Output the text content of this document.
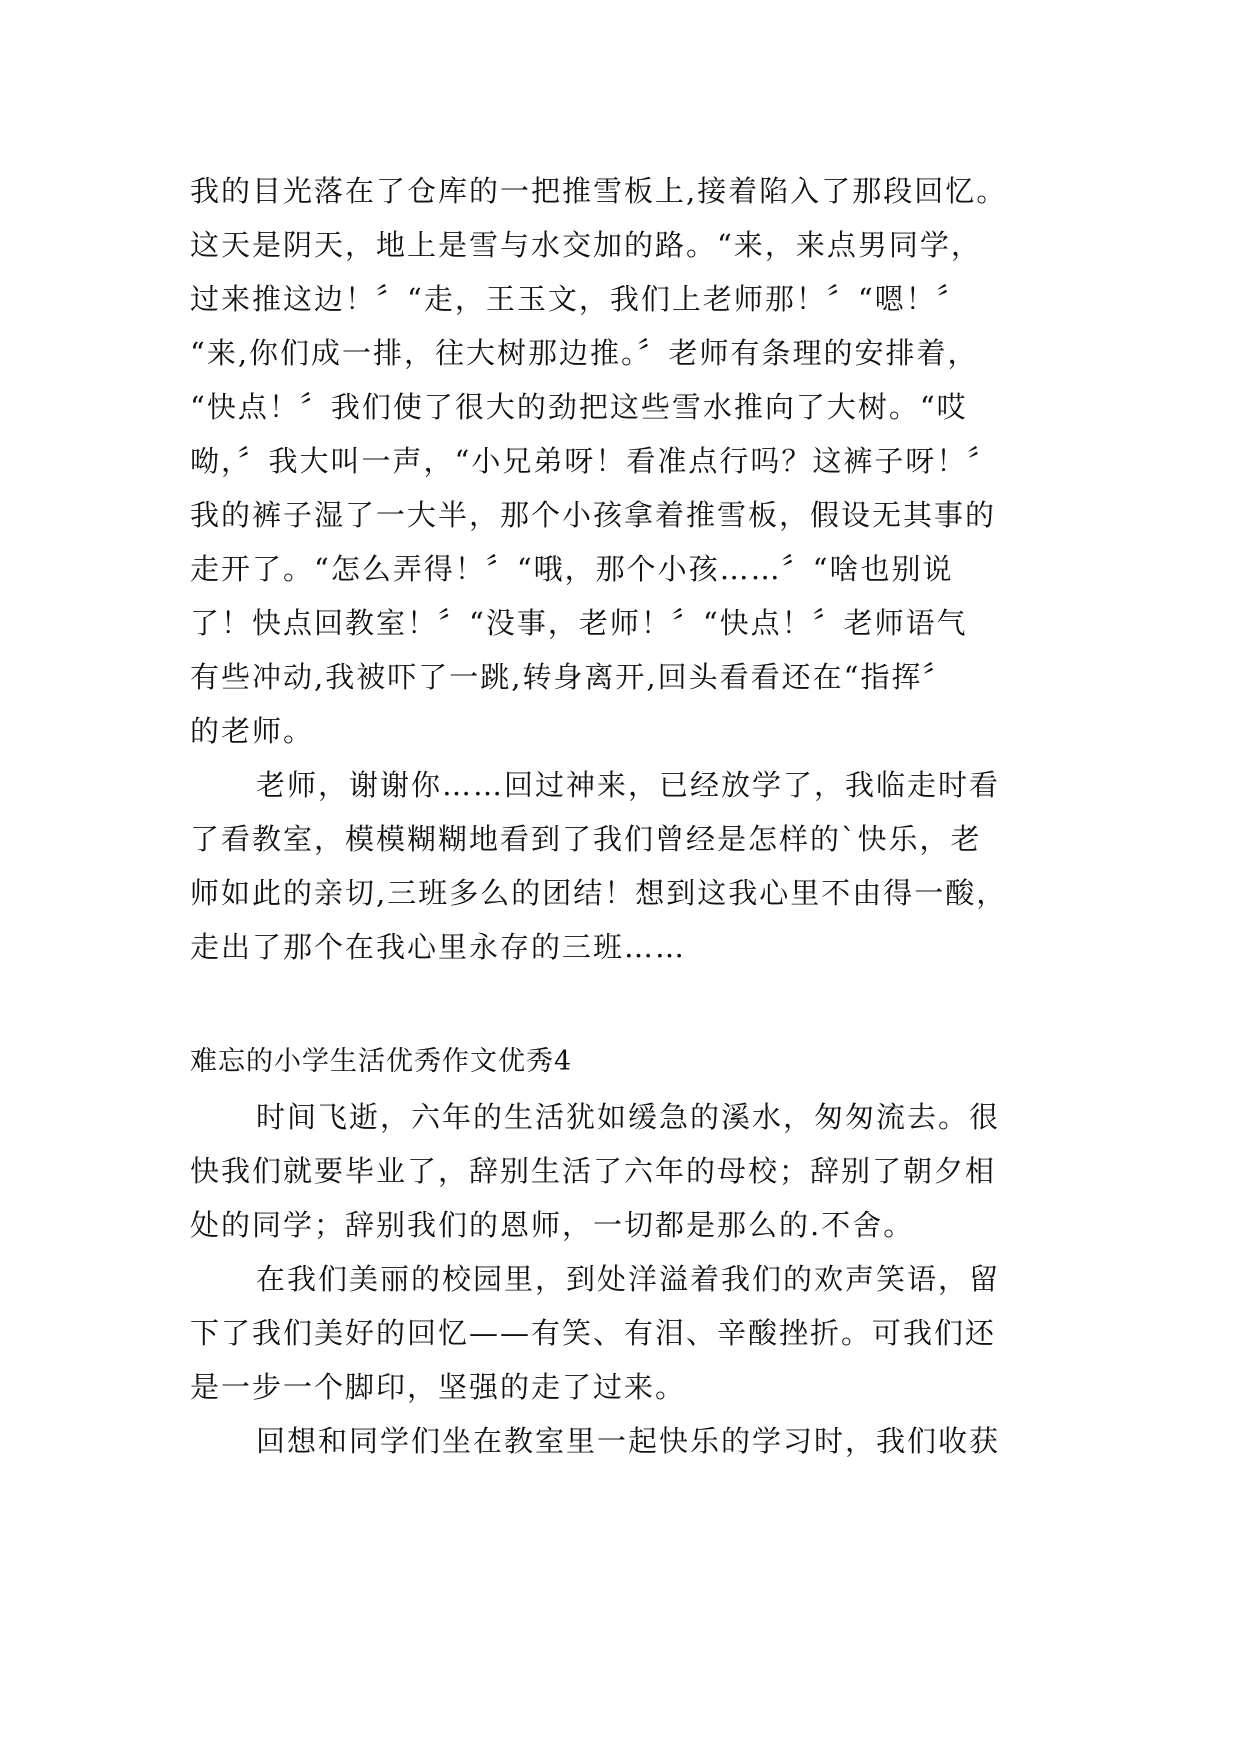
我的目光落在了仓库的一把推雪板上,接着陷入了那段回忆。
这天是阴天，地上是雪与水交加的路。“来，来点男同学，
过来推这边！〞“走，王玉文，我们上老师那！〞“嗯！〞
“来,你们成一排，往大树那边推。〞老师有条理的安排着，
“快点！〞我们使了很大的劲把这些雪水推向了大树。“哎
呦，〞我大叫一声，“小兄弟呀！看准点行吗？这裤子呀！〞
我的裤子湿了一大半，那个小孩拿着推雪板，假设无其事的
走开了。“怎么弄得！〞“哦，那个小孩……〞“啥也别说
了！快点回教室！〞“没事，老师！〞“快点！〞老师语气
有些冲动,我被吓了一跳,转身离开,回头看看还在“指挥〞
的老师。
老师，谢谢你……回过神来，已经放学了，我临走时看
了看教室，模模糊糊地看到了我们曾经是怎样的`快乐，老
师如此的亲切,三班多么的团结！想到这我心里不由得一酸，
走出了那个在我心里永存的三班……
难忘的小学生活优秀作文优秀4
时间飞逝，六年的生活犹如缓急的溪水，匆匆流去。很
快我们就要毕业了，辞别生活了六年的母校；辞别了朝夕相
处的同学；辞别我们的恩师，一切都是那么的.不舍。
在我们美丽的校园里，到处洋溢着我们的欢声笑语，留
下了我们美好的回忆——有笑、有泪、辛酸挫折。可我们还
是一步一个脚印，坚强的走了过来。
回想和同学们坐在教室里一起快乐的学习时，我们收获
